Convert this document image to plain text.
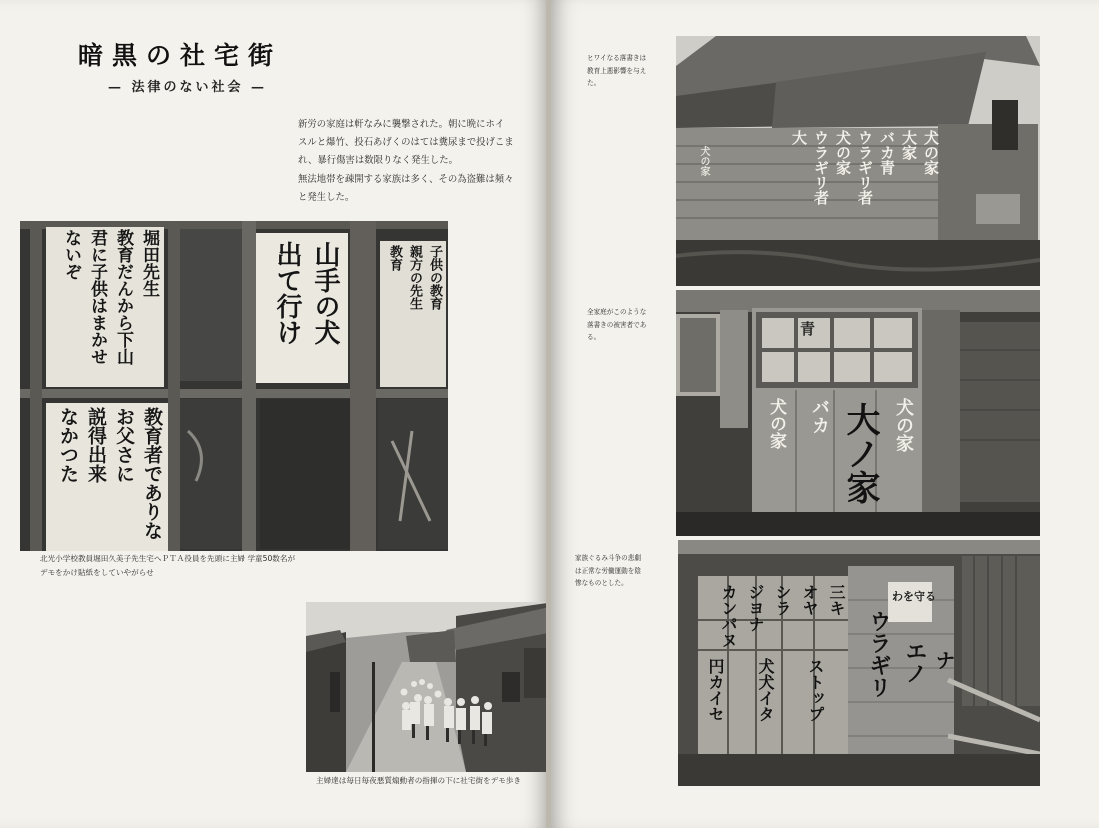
暗黒の社宅街
— 法律のない社会 —
新労の家庭は軒なみに襲撃された。朝に晩にホイ
スルと爆竹、投石あげくのはては糞尿まで投げこま
れ、暴行傷害は数限りなく発生した。
無法地帯を疎開する家族は多く、その為盗難は頻々
と発生した。
堀田先生
教育だんから下山
君に子供はまかせ
ないぞ	山手の犬
出て行け	子供の教育
親方の先生
教育
教育者でありな
お父さに
説得出来
なかつた
北光小学校教員堀田久美子先生宅へＰＴＡ役員を先頭に主婦 学童50数名がデモをかけ貼紙をしていやがらせ
主婦達は毎日毎夜悪質煽動者の指揮の下に社宅街をデモ歩き
ヒワイなる落書きは
教育上悪影響を与え
た。
犬の家
大家
バカ青
ウラギリ者
犬の家
ウラギリ者
大
犬の家
全家庭がこのような
落書きの被害者であ
る。	青
犬の家 バカ 大ノ家 犬の家
家族ぐるみ斗争の悲劇
は正常な労働運動を陰
惨なものとした。
三キ
オヤ
シラ
ジヨナ
カンパヌ
ストップ
円カイセ 犬犬イタ	ウラギリ エノ ナ
わを守る
